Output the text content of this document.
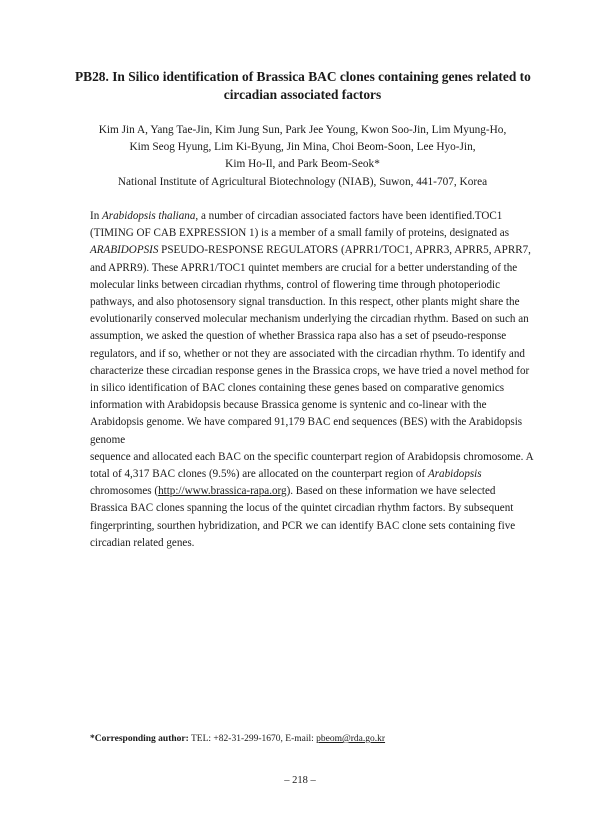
PB28. In Silico identification of Brassica BAC clones containing genes related to
circadian associated factors
Kim Jin A, Yang Tae-Jin, Kim Jung Sun, Park Jee Young, Kwon Soo-Jin, Lim Myung-Ho,
Kim Seog Hyung, Lim Ki-Byung, Jin Mina, Choi Beom-Soon, Lee Hyo-Jin,
Kim Ho-Il, and Park Beom-Seok*
National Institute of Agricultural Biotechnology (NIAB), Suwon, 441-707, Korea
In Arabidopsis thaliana, a number of circadian associated factors have been identified.TOC1
(TIMING OF CAB EXPRESSION 1) is a member of a small family of proteins, designated as
ARABIDOPSIS PSEUDO-RESPONSE REGULATORS (APRR1/TOC1, APRR3, APRR5, APRR7,
and APRR9). These APRR1/TOC1 quintet members are crucial for a better understanding of the
molecular links between circadian rhythms, control of flowering time through photoperiodic
pathways, and also photosensory signal transduction. In this respect, other plants might share the
evolutionarily conserved molecular mechanism underlying the circadian rhythm. Based on such an
assumption, we asked the question of whether Brassica rapa also has a set of pseudo-response
regulators, and if so, whether or not they are associated with the circadian rhythm. To identify and
characterize these circadian response genes in the Brassica crops, we have tried a novel method for
in silico identification of BAC clones containing these genes based on comparative genomics
information with Arabidopsis because Brassica genome is syntenic and co-linear with the
Arabidopsis genome. We have compared 91,179 BAC end sequences (BES) with the Arabidopsis
genome
sequence and allocated each BAC on the specific counterpart region of Arabidopsis chromosome. A
total of 4,317 BAC clones (9.5%) are allocated on the counterpart region of Arabidopsis
chromosomes (http://www.brassica-rapa.org). Based on these information we have selected
Brassica BAC clones spanning the locus of the quintet circadian rhythm factors. By subsequent
fingerprinting, sourthen hybridization, and PCR we can identify BAC clone sets containing five
circadian related genes.
*Corresponding author: TEL: +82-31-299-1670, E-mail: pbeom@rda.go.kr
– 218 –
